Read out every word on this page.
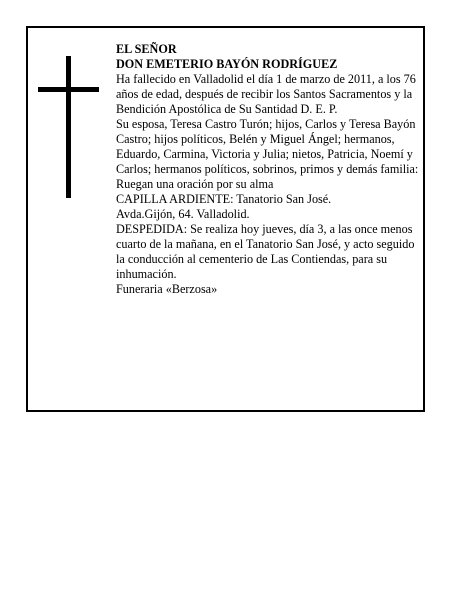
EL SEÑOR

DON EMETERIO BAYÓN RODRÍGUEZ

Ha fallecido en Valladolid el día 1 de marzo de 2011, a los 76 años de edad, después de recibir los Santos Sacramentos y la Bendición Apostólica de Su Santidad D. E. P.

Su esposa, Teresa Castro Turón; hijos, Carlos y Teresa Bayón Castro; hijos políticos, Belén y Miguel Ángel; hermanos, Eduardo, Carmina, Victoria y Julia; nietos, Patricia, Noemí y Carlos; hermanos políticos, sobrinos, primos y demás familia:

Ruegan una oración por su alma

CAPILLA ARDIENTE: Tanatorio San José.

Avda.Gijón, 64. Valladolid.

DESPEDIDA: Se realiza hoy jueves, día 3, a las once menos cuarto de la mañana, en el Tanatorio San José, y acto seguido la conducción al cementerio de Las Contiendas, para su inhumación.

Funeraria «Berzosa»
